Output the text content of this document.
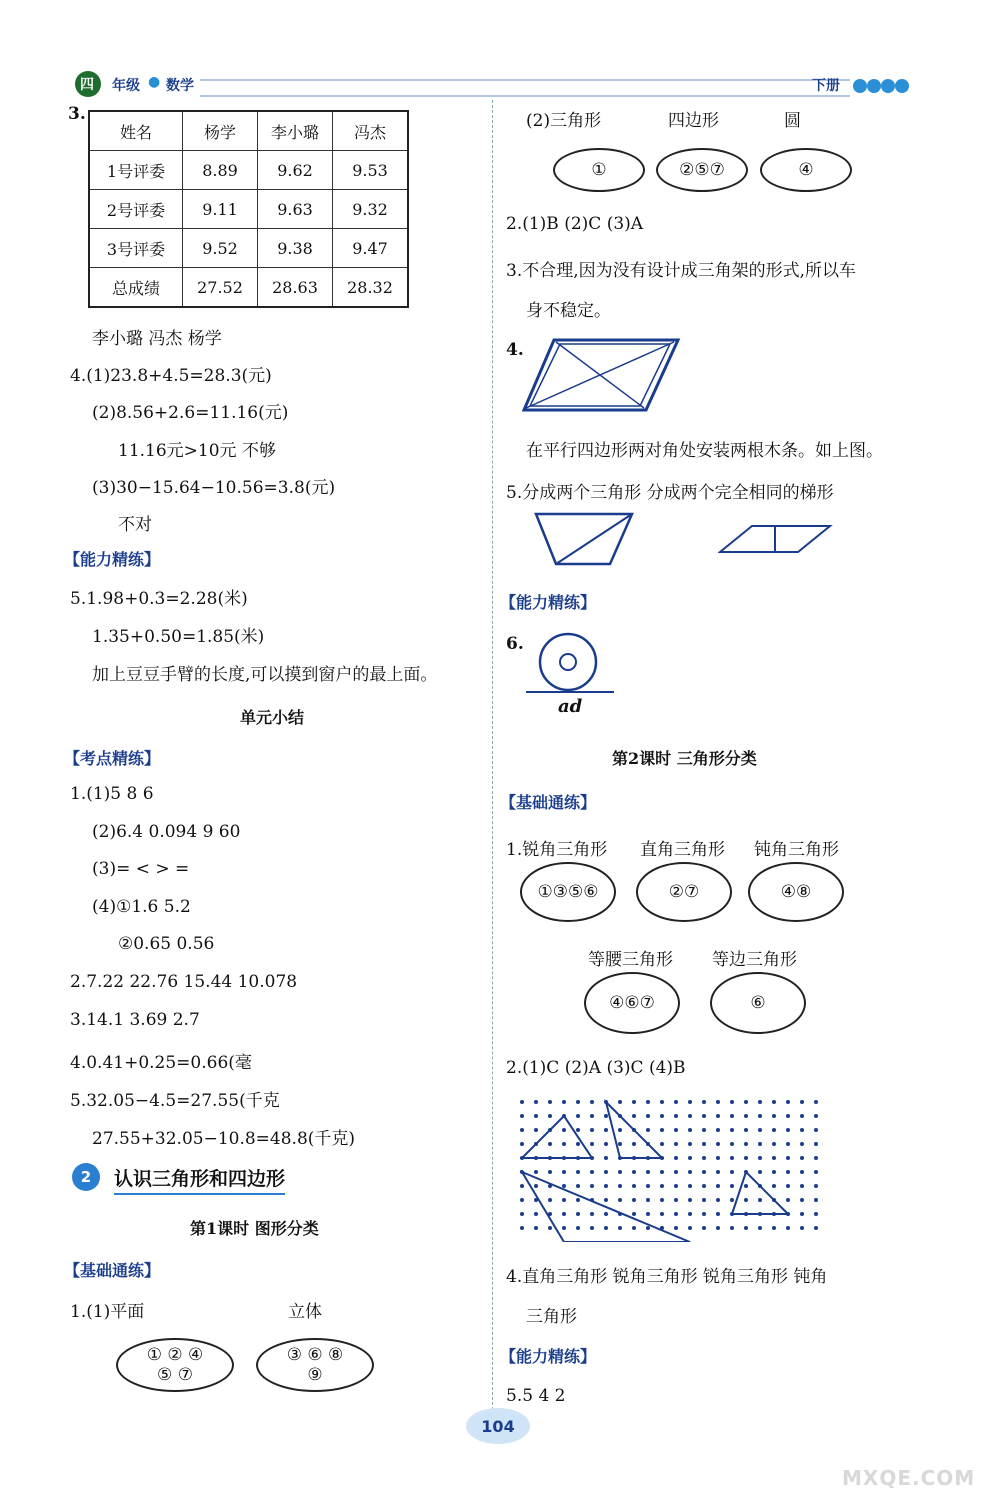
四 年级 ● 数学	下册
3.
姓名	杨学	李小璐	冯杰
1号评委	8.89	9.62	9.53
2号评委	9.11	9.63	9.32
3号评委	9.52	9.38	9.47
总成绩	27.52	28.63	28.32
李小璐 冯杰 杨学
4.(1)23.8+4.5=28.3(元)
(2)8.56+2.6=11.16(元)
11.16元>10元 不够
(3)30−15.64−10.56=3.8(元)
不对
【能力精练】
5.1.98+0.3=2.28(米)
1.35+0.50=1.85(米)
加上豆豆手臂的长度,可以摸到窗户的最上面。
单元小结
【考点精练】
1.(1)5 8 6
(2)6.4 0.094 9 60
(3)= < > =
(4)①1.6 5.2
②0.65 0.56
2.7.22 22.76 15.44 10.078
3.14.1 3.69 2.7
4.0.41+0.25=0.66(毫
5.32.05−4.5=27.55(千克
27.55+32.05−10.8=48.8(千克)
2	认识三角形和四边形
第1课时 图形分类
【基础通练】
1.(1)平面	立体
① ② ④
⑤ ⑦
③ ⑥ ⑧
⑨
(2)三角形	四边形	圆
①	②⑤⑦	④
2.(1)B (2)C (3)A
3.不合理,因为没有设计成三角架的形式,所以车
身不稳定。
4.
在平行四边形两对角处安装两根木条。如上图。
5.分成两个三角形 分成两个完全相同的梯形
【能力精练】
6.
ad
第2课时 三角形分类
【基础通练】
1.锐角三角形 直角三角形 钝角三角形
①③⑤⑥	②⑦	④⑧
等腰三角形 等边三角形
④⑥⑦	⑥
2.(1)C (2)A (3)C (4)B
4.直角三角形 锐角三角形 锐角三角形 钝角
三角形
【能力精练】
5.5 4 2
104
MXQE.COM
